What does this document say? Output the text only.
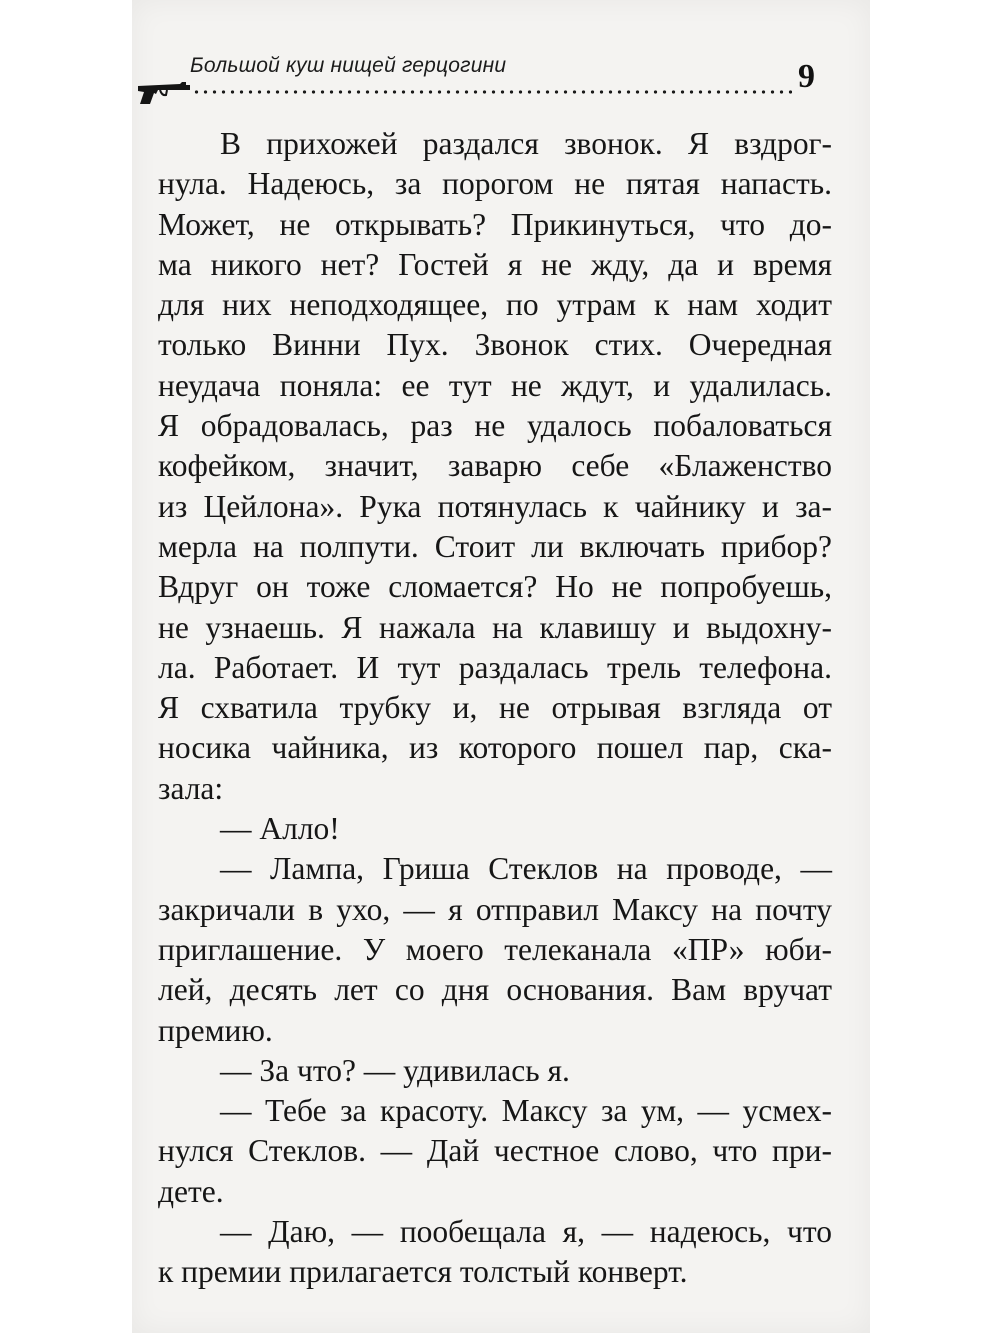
Большой куш нищей герцогини	9
В прихожей раздался звонок. Я вздрог-
нула. Надеюсь, за порогом не пятая напасть.
Может, не открывать? Прикинуться, что до-
ма никого нет? Гостей я не жду, да и время
для них неподходящее, по утрам к нам ходит
только Винни Пух. Звонок стих. Очередная
неудача поняла: ее тут не ждут, и удалилась.
Я обрадовалась, раз не удалось побаловаться
кофейком, значит, заварю себе «Блаженство
из Цейлона». Рука потянулась к чайнику и за-
мерла на полпути. Стоит ли включать прибор?
Вдруг он тоже сломается? Но не попробуешь,
не узнаешь. Я нажала на клавишу и выдохну-
ла. Работает. И тут раздалась трель телефона.
Я схватила трубку и, не отрывая взгляда от
носика чайника, из которого пошел пар, ска-
зала:
— Алло!
— Лампа, Гриша Стеклов на проводе, —
закричали в ухо, — я отправил Максу на почту
приглашение. У моего телеканала «ПР» юби-
лей, десять лет со дня основания. Вам вручат
премию.
— За что? — удивилась я.
— Тебе за красоту. Максу за ум, — усмех-
нулся Стеклов. — Дай честное слово, что при-
дете.
— Даю, — пообещала я, — надеюсь, что
к премии прилагается толстый конверт.
